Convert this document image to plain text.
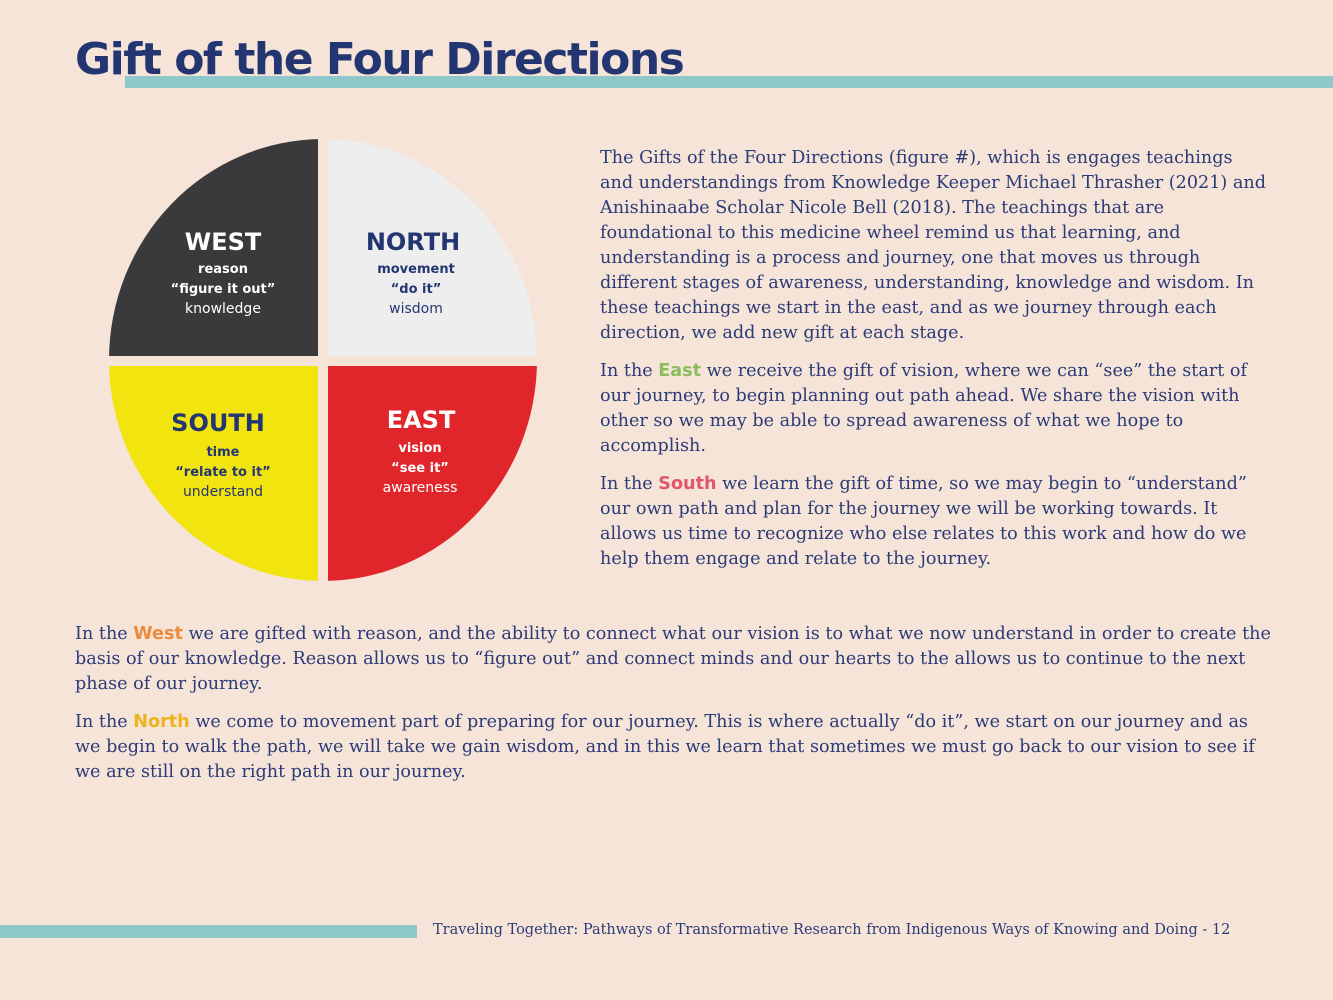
Gift of the Four Directions
WEST
reason
“figure it out”
knowledge
NORTH
movement
“do it”
wisdom
SOUTH
time
“relate to it”
understand
EAST
vision
“see it”
awareness

The Gifts of the Four Directions (figure #), which is engages teachings and understandings from Knowledge Keeper Michael Thrasher (2021) and Anishinaabe Scholar Nicole Bell (2018). The teachings that are foundational to this medicine wheel remind us that learning, and understanding is a process and journey, one that moves us through different stages of awareness, understanding, knowledge and wisdom. In these teachings we start in the east, and as we journey through each direction, we add new gift at each stage.

In the East we receive the gift of vision, where we can “see” the start of our journey, to begin planning out path ahead. We share the vision with other so we may be able to spread awareness of what we hope to accomplish.

In the South we learn the gift of time, so we may begin to “understand” our own path and plan for the journey we will be working towards. It allows us time to recognize who else relates to this work and how do we help them engage and relate to the journey.

In the West we are gifted with reason, and the ability to connect what our vision is to what we now understand in order to create the basis of our knowledge. Reason allows us to “figure out” and connect minds and our hearts to the allows us to continue to the next phase of our journey.

In the North we come to movement part of preparing for our journey. This is where actually “do it”, we start on our journey and as we begin to walk the path, we will take we gain wisdom, and in this we learn that sometimes we must go back to our vision to see if we are still on the right path in our journey.

Traveling Together: Pathways of Transformative Research from Indigenous Ways of Knowing and Doing - 12
